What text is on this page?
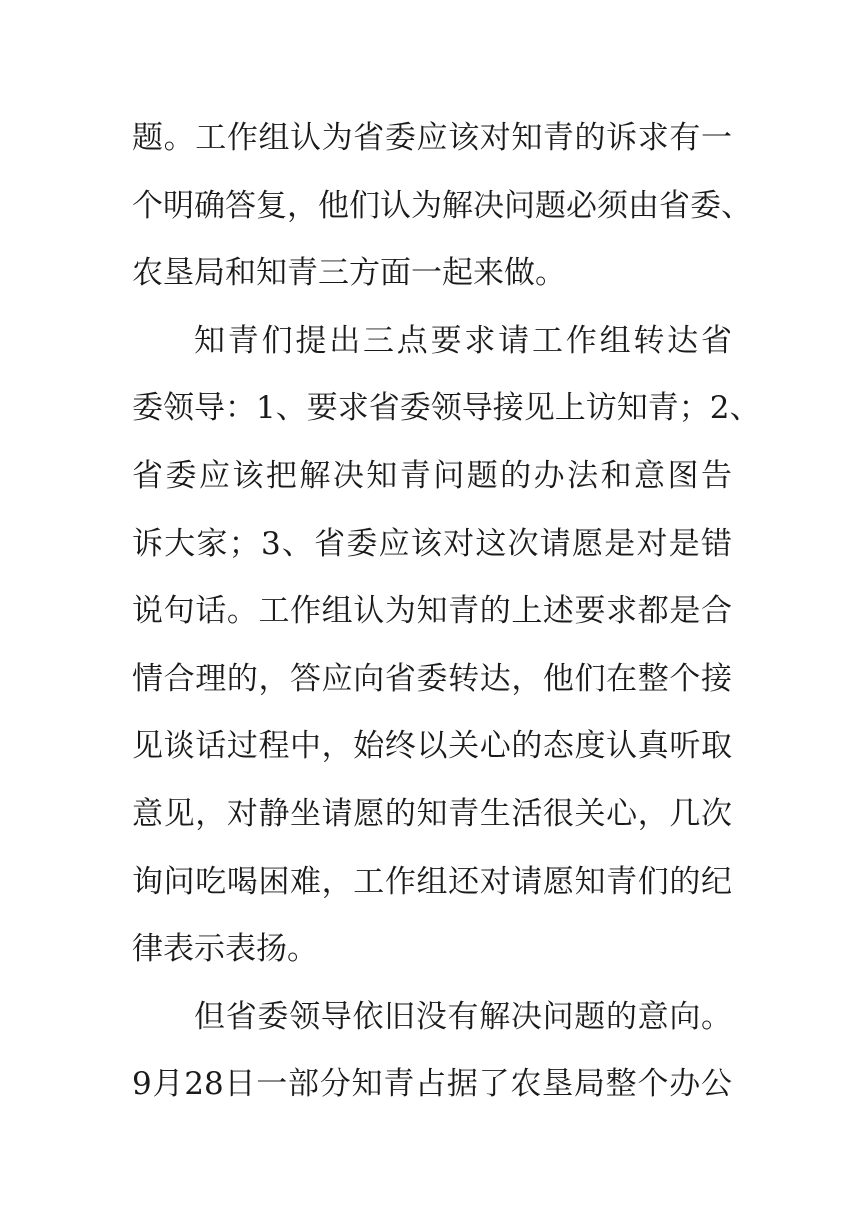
题 。 工 作 组 认 为 省 委 应 该 对 知 青 的 诉 求 有 一
个 明 确 答 复 ， 他 们 认 为 解 决 问 题 必 须 由 省 委 、
农垦局和知青三方面一起来做。
知 青 们 提 出 三 点 要 求 请 工 作 组 转 达 省
委 领 导 ： 1 、 要 求 省 委 领 导 接 见 上 访 知 青 ； 2 、
省 委 应 该 把 解 决 知 青 问 题 的 办 法 和 意 图 告
诉 大 家 ； 3 、 省 委 应 该 对 这 次 请 愿 是 对 是 错
说 句 话 。 工 作 组 认 为 知 青 的 上 述 要 求 都 是 合
情 合 理 的 ， 答 应 向 省 委 转 达 ， 他 们 在 整 个 接
见 谈 话 过 程 中 ， 始 终 以 关 心 的 态 度 认 真 听 取
意 见 ， 对 静 坐 请 愿 的 知 青 生 活 很 关 心 ， 几 次
询 问 吃 喝 困 难 ， 工 作 组 还 对 请 愿 知 青 们 的 纪
律表示表扬。
但 省 委 领 导 依 旧 没 有 解 决 问 题 的 意 向 。
9 月 28 日 一 部 分 知 青 占 据 了 农 垦 局 整 个 办 公
